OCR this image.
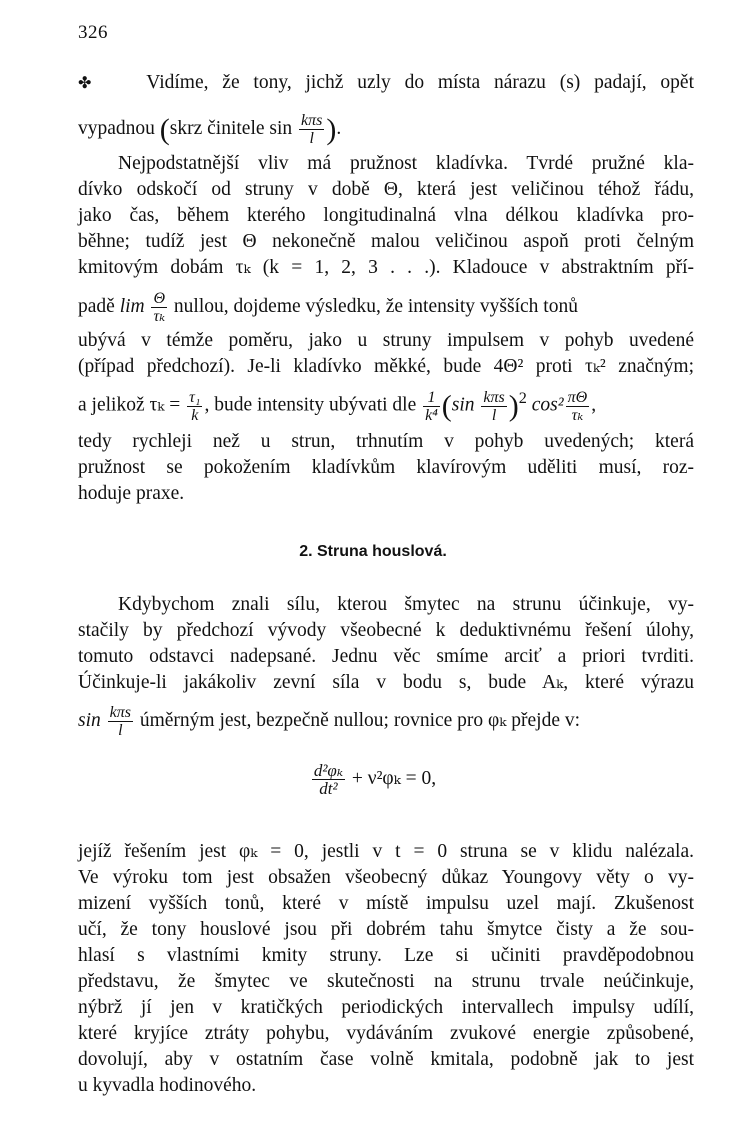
326
✤	Vidíme, že tony, jichž uzly do místa nárazu (s) padají, opět
vypadnou (skrz činitele $\sin \frac{\text{kπs}}{l}$ ).
Nejpodstatnější vliv má pružnost kladívka. Tvrdé pružné kla-
dívko odskočí od struny v době Θ, která jest veličinou téhož řádu,
jako čas, během kterého longitudinalná vlna délkou kladívka pro-
běhne; tudíž jest Θ nekonečně malou veličinou aspoň proti čelným
kmitovým dobám τₖ (k = 1, 2, 3 . . .). Kladouce v abstraktním pří-
padě $\lim \frac{\Theta}{\text{τₖ}}$ nullou, dojdeme výsledku, že intensity vyšších tonů
ubývá v témže poměru, jako u struny impulsem v pohyb uvedené
(případ předchozí). Je-li kladívko měkké, bude 4Θ² proti τₖ² značným;
a jelikož $\tau_k = \frac{\text{τ₁}}{k}$ , bude intensity ubývati dle $\frac{1}{\text{k⁴}} (\sin \frac{\text{kπs}}{l} )^2$ $\cos^2 \frac{\pi\Theta}{\text{τₖ}}$ ,
tedy rychleji než u strun, trhnutím v pohyb uvedených; která
pružnost se pokožením kladívkům klavírovým uděliti musí, roz-
hoduje praxe.
2. Struna houslová.
Kdybychom znali sílu, kterou šmytec na strunu účinkuje, vy-
stačily by předchozí vývody všeobecné k deduktivnému řešení úlohy,
tomuto odstavci nadepsané. Jednu věc smíme arciť a priori tvrditi.
Účinkuje-li jakákoliv zevní síla v bodu s, bude Aₖ, které výrazu
$\sin \frac{\text{kπs}}{l}$ úměrným jest, bezpečně nullou; rovnice pro φₖ přejde v:
$\frac{\text{d²φₖ}}{\text{dt²}} + \nu^2\varphi_k = 0$,
jejíž řešením jest φₖ = 0, jestli v t = 0 struna se v klidu nalézala.
Ve výroku tom jest obsažen všeobecný důkaz Youngovy věty o vy-
mizení vyšších tonů, které v místě impulsu uzel mají. Zkušenost
učí, že tony houslové jsou při dobrém tahu šmytce čisty a že sou-
hlasí s vlastními kmity struny. Lze si učiniti pravděpodobnou
představu, že šmytec ve skutečnosti na strunu trvale neúčinkuje,
nýbrž jí jen v kratičkých periodických intervallech impulsy udílí,
které kryjíce ztráty pohybu, vydáváním zvukové energie způsobené,
dovolují, aby v ostatním čase volně kmitala, podobně jak to jest
u kyvadla hodinového.
